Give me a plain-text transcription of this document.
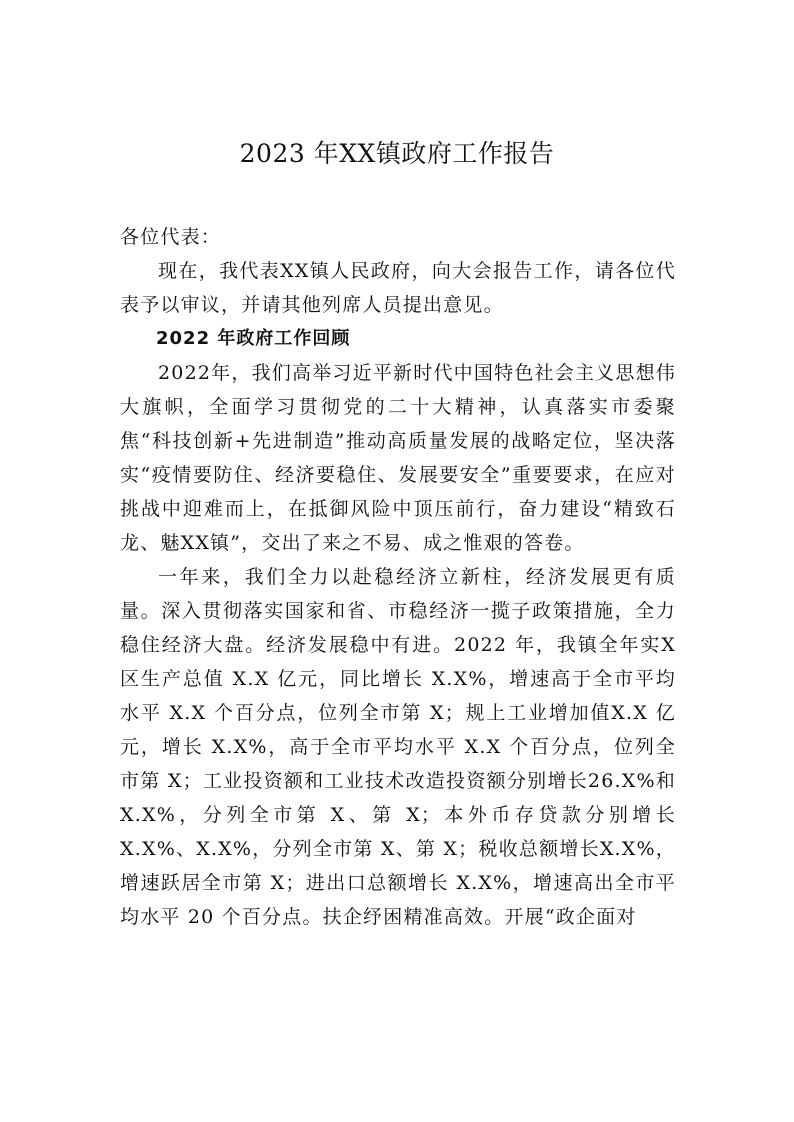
2023 年XX镇政府工作报告

各位代表：

现在，我代表XX镇人民政府，向大会报告工作，请各位代表予以审议，并请其他列席人员提出意见。

2022 年政府工作回顾

2022年，我们高举习近平新时代中国特色社会主义思想伟大旗帜，全面学习贯彻党的二十大精神，认真落实市委聚焦“科技创新+先进制造”推动高质量发展的战略定位，坚决落实“疫情要防住、经济要稳住、发展要安全”重要要求，在应对挑战中迎难而上，在抵御风险中顶压前行，奋力建设“精致石龙、魅XX镇”，交出了来之不易、成之惟艰的答卷。

一年来，我们全力以赴稳经济立新柱，经济发展更有质量。深入贯彻落实国家和省、市稳经济一揽子政策措施，全力稳住经济大盘。经济发展稳中有进。2022 年，我镇全年实X区生产总值 X.X 亿元，同比增长 X.X%，增速高于全市平均水平 X.X 个百分点，位列全市第 X；规上工业增加值X.X 亿元，增长 X.X%，高于全市平均水平 X.X 个百分点，位列全市第 X；工业投资额和工业技术改造投资额分别增长26.X%和 X.X%，分列全市第 X、第 X；本外币存贷款分别增长 X.X%、X.X%，分列全市第 X、第 X；税收总额增长X.X%， 增速跃居全市第 X；进出口总额增长 X.X%，增速高出全市平均水平 20 个百分点。扶企纾困精准高效。开展“政企面对
